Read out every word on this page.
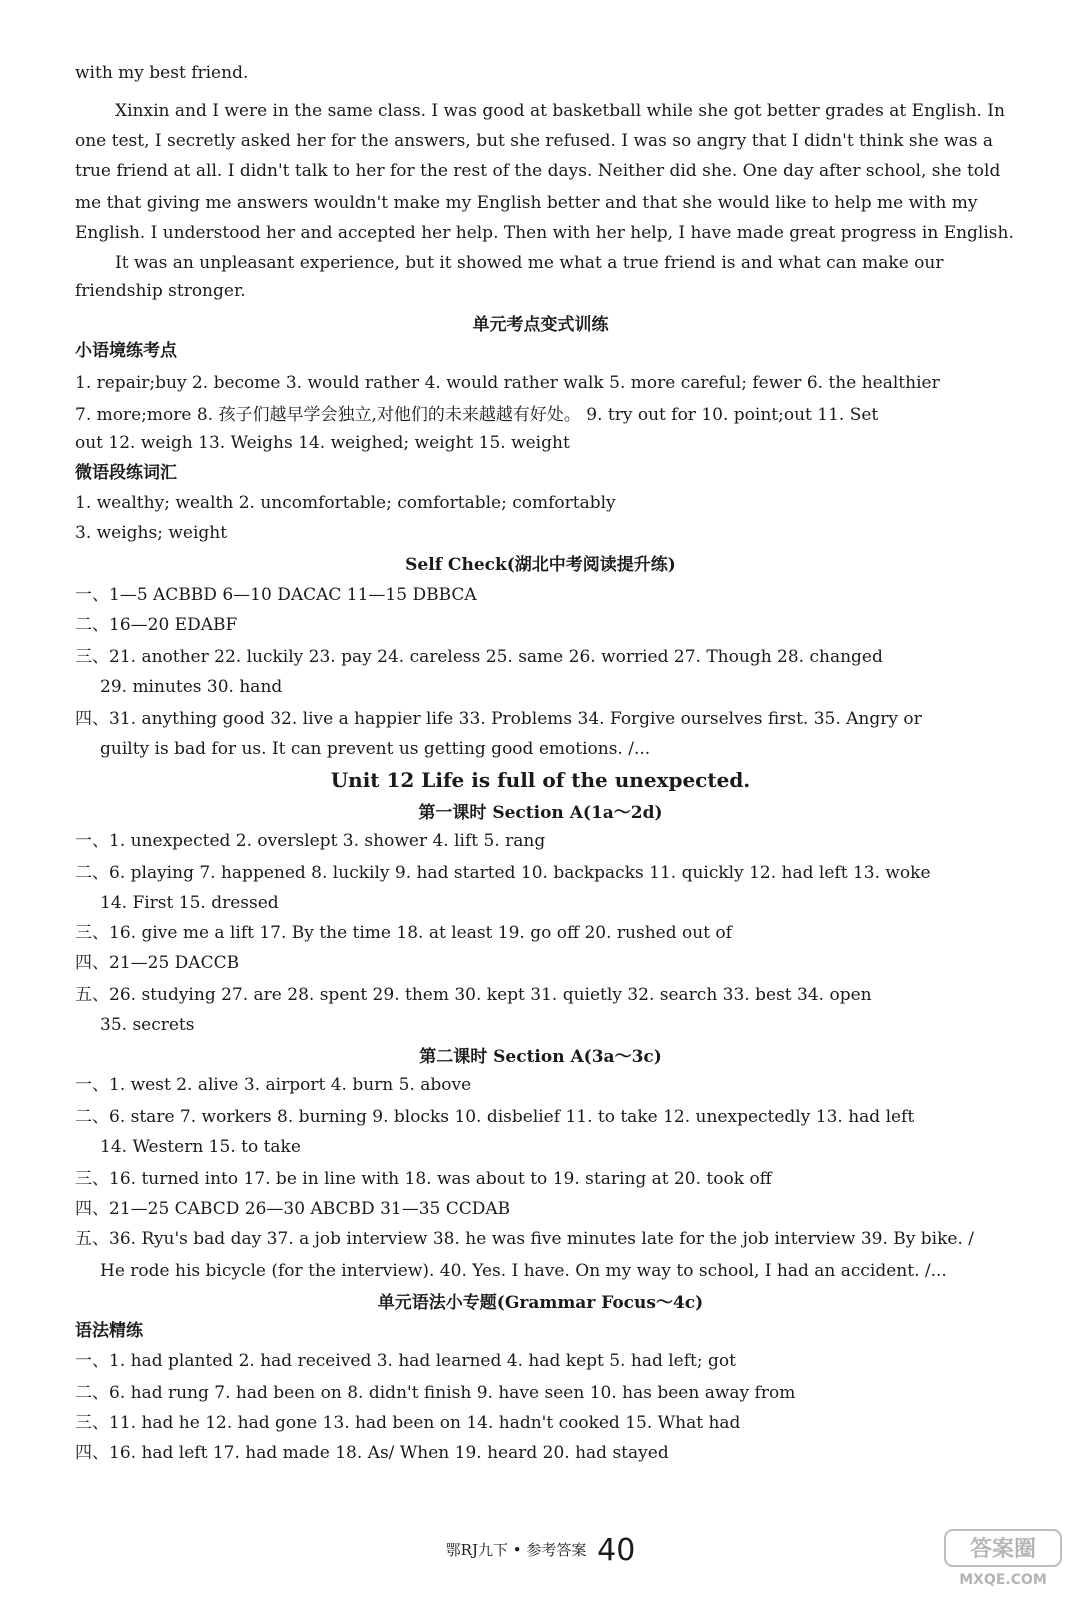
with my best friend.
Xinxin and I were in the same class. I was good at basketball while she got better grades at English. In
one test, I secretly asked her for the answers, but she refused. I was so angry that I didn't think she was a
true friend at all. I didn't talk to her for the rest of the days. Neither did she. One day after school, she told
me that giving me answers wouldn't make my English better and that she would like to help me with my
English. I understood her and accepted her help. Then with her help, I have made great progress in English.
It was an unpleasant experience, but it showed me what a true friend is and what can make our
friendship stronger.
单元考点变式训练
小语境练考点
1. repair;buy 2. become 3. would rather 4. would rather walk 5. more careful; fewer 6. the healthier
7. more;more 8. 孩子们越早学会独立,对他们的未来越越有好处。 9. try out for 10. point;out 11. Set
out 12. weigh 13. Weighs 14. weighed; weight 15. weight
微语段练词汇
1. wealthy; wealth 2. uncomfortable; comfortable; comfortably
3. weighs; weight
Self Check(湖北中考阅读提升练)
一、1—5 ACBBD 6—10 DACAC 11—15 DBBCA
二、16—20 EDABF
三、21. another 22. luckily 23. pay 24. careless 25. same 26. worried 27. Though 28. changed
29. minutes 30. hand
四、31. anything good 32. live a happier life 33. Problems 34. Forgive ourselves first. 35. Angry or
guilty is bad for us. It can prevent us getting good emotions. /...
Unit 12 Life is full of the unexpected.
第一课时 Section A(1a～2d)
一、1. unexpected 2. overslept 3. shower 4. lift 5. rang
二、6. playing 7. happened 8. luckily 9. had started 10. backpacks 11. quickly 12. had left 13. woke
14. First 15. dressed
三、16. give me a lift 17. By the time 18. at least 19. go off 20. rushed out of
四、21—25 DACCB
五、26. studying 27. are 28. spent 29. them 30. kept 31. quietly 32. search 33. best 34. open
35. secrets
第二课时 Section A(3a～3c)
一、1. west 2. alive 3. airport 4. burn 5. above
二、6. stare 7. workers 8. burning 9. blocks 10. disbelief 11. to take 12. unexpectedly 13. had left
14. Western 15. to take
三、16. turned into 17. be in line with 18. was about to 19. staring at 20. took off
四、21—25 CABCD 26—30 ABCBD 31—35 CCDAB
五、36. Ryu's bad day 37. a job interview 38. he was five minutes late for the job interview 39. By bike. /
He rode his bicycle (for the interview). 40. Yes. I have. On my way to school, I had an accident. /...
单元语法小专题(Grammar Focus～4c)
语法精练
一、1. had planted 2. had received 3. had learned 4. had kept 5. had left; got
二、6. had rung 7. had been on 8. didn't finish 9. have seen 10. has been away from
三、11. had he 12. had gone 13. had been on 14. hadn't cooked 15. What had
四、16. had left 17. had made 18. As/ When 19. heard 20. had stayed
鄂RJ九下 • 参考答案 40	答案圈
MXQE.COM
